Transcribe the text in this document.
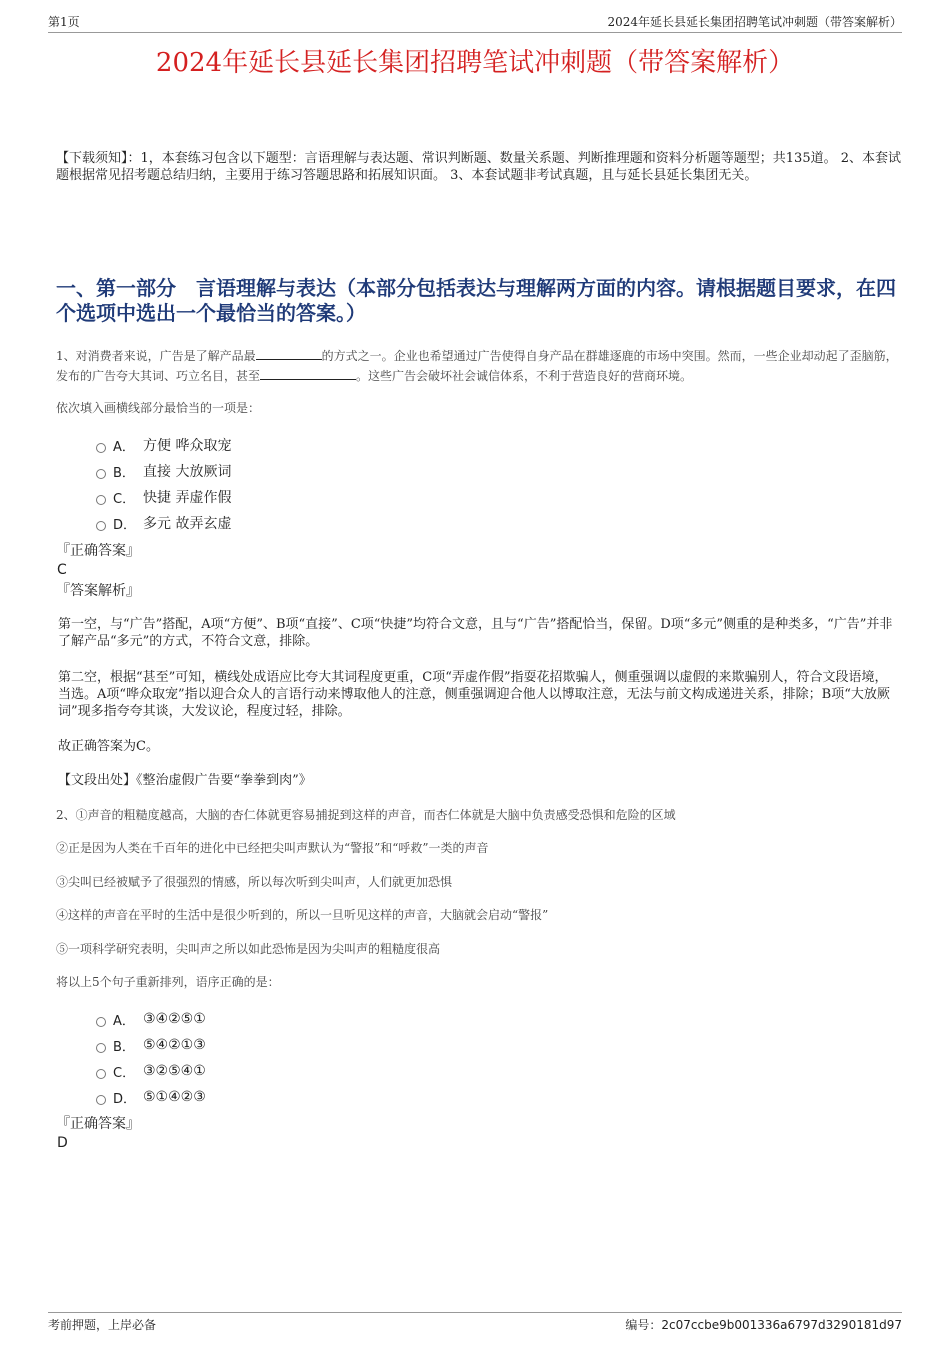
第1页	2024年延长县延长集团招聘笔试冲刺题（带答案解析）
2024年延长县延长集团招聘笔试冲刺题（带答案解析）

【下载须知】：1，本套练习包含以下题型：言语理解与表达题、常识判断题、数量关系题、判断推理题和资料分析题等题型；共135道。 2、本套试题根据常见招考题总结归纳，主要用于练习答题思路和拓展知识面。 3、本套试题非考试真题，且与延长县延长集团无关。

一、第一部分　言语理解与表达（本部分包括表达与理解两方面的内容。请根据题目要求，在四个选项中选出一个最恰当的答案。）

1、对消费者来说，广告是了解产品最	的方式之一。企业也希望通过广告使得自身产品在群雄逐鹿的市场中突围。然而，一些企业却动起了歪脑筋，发布的广告夸大其词、巧立名目，甚至	。这些广告会破坏社会诚信体系，不利于营造良好的营商环境。

依次填入画横线部分最恰当的一项是：

A． 方便 哗众取宠
B． 直接 大放厥词
C． 快捷 弄虚作假
D． 多元 故弄玄虚

『正确答案』

C

『答案解析』

第一空，与“广告”搭配，A项“方便”、B项“直接”、C项“快捷”均符合文意，且与“广告”搭配恰当，保留。D项“多元”侧重的是种类多，“广告”并非了解产品“多元”的方式，不符合文意，排除。

第二空，根据“甚至”可知，横线处成语应比夸大其词程度更重，C项“弄虚作假”指耍花招欺骗人，侧重强调以虚假的来欺骗别人，符合文段语境，当选。A项“哗众取宠”指以迎合众人的言语行动来博取他人的注意，侧重强调迎合他人以博取注意，无法与前文构成递进关系，排除；B项“大放厥词”现多指夸夸其谈，大发议论，程度过轻，排除。

故正确答案为C。

【文段出处】《整治虚假广告要“拳拳到肉”》

2、①声音的粗糙度越高，大脑的杏仁体就更容易捕捉到这样的声音，而杏仁体就是大脑中负责感受恐惧和危险的区域

②正是因为人类在千百年的进化中已经把尖叫声默认为“警报”和“呼救”一类的声音

③尖叫已经被赋予了很强烈的情感，所以每次听到尖叫声，人们就更加恐惧

④这样的声音在平时的生活中是很少听到的，所以一旦听见这样的声音，大脑就会启动“警报”

⑤一项科学研究表明，尖叫声之所以如此恐怖是因为尖叫声的粗糙度很高

将以上5个句子重新排列，语序正确的是：

A． ③④②⑤①
B． ⑤④②①③
C． ③②⑤④①
D． ⑤①④②③

『正确答案』

D

考前押题，上岸必备	编号：2c07ccbe9b001336a6797d3290181d97
